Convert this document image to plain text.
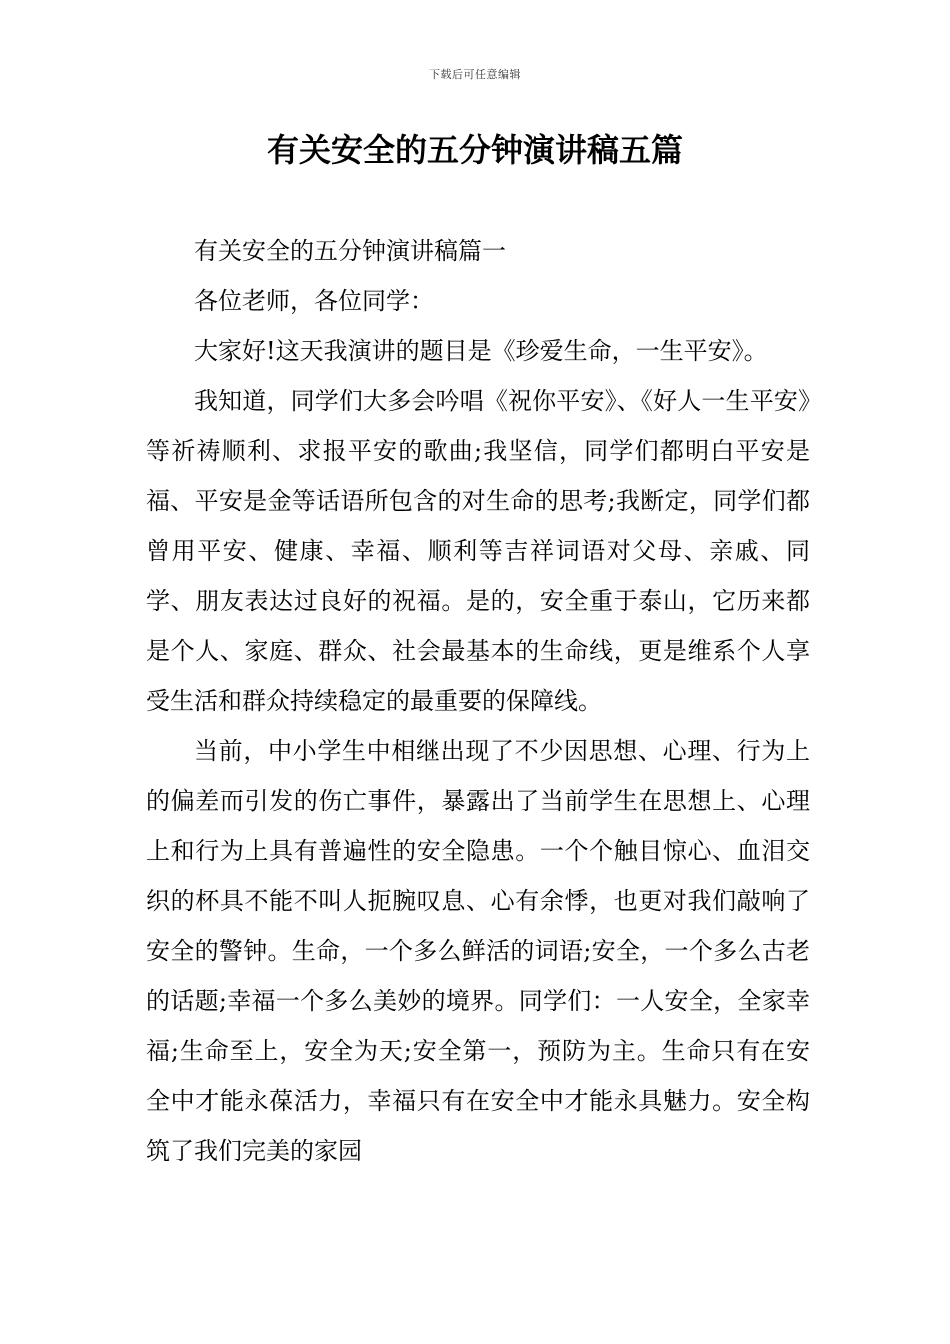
下载后可任意编辑
有关安全的五分钟演讲稿五篇

有关安全的五分钟演讲稿篇一

各位老师，各位同学：

大家好!这天我演讲的题目是《珍爱生命，一生平安》。

我知道，同学们大多会吟唱《祝你平安》、《好人一生平安》等祈祷顺利、求报平安的歌曲;我坚信，同学们都明白平安是福、平安是金等话语所包含的对生命的思考;我断定，同学们都曾用平安、健康、幸福、顺利等吉祥词语对父母、亲戚、同学、朋友表达过良好的祝福。是的，安全重于泰山，它历来都是个人、家庭、群众、社会最基本的生命线，更是维系个人享受生活和群众持续稳定的最重要的保障线。

当前，中小学生中相继出现了不少因思想、心理、行为上的偏差而引发的伤亡事件，暴露出了当前学生在思想上、心理上和行为上具有普遍性的安全隐患。一个个触目惊心、血泪交织的杯具不能不叫人扼腕叹息、心有余悸，也更对我们敲响了安全的警钟。生命，一个多么鲜活的词语;安全，一个多么古老的话题;幸福一个多么美妙的境界。同学们：一人安全，全家幸福;生命至上，安全为天;安全第一，预防为主。生命只有在安全中才能永葆活力，幸福只有在安全中才能永具魅力。安全构筑了我们完美的家园
